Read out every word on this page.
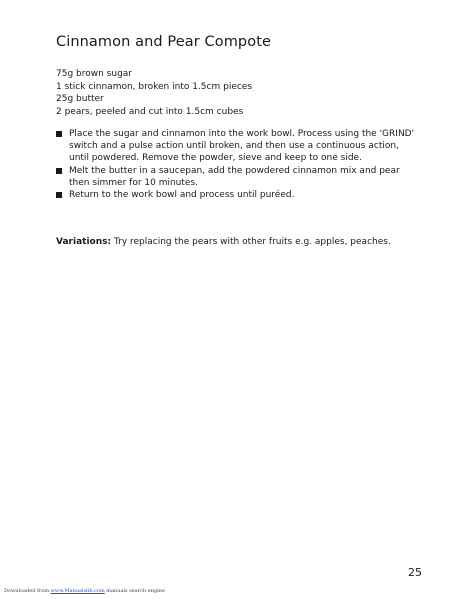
Cinnamon and Pear Compote
75g brown sugar
1 stick cinnamon, broken into 1.5cm pieces
25g butter
2 pears, peeled and cut into 1.5cm cubes
Place the sugar and cinnamon into the work bowl. Process using the 'GRIND' switch and a pulse action until broken, and then use a continuous action, until powdered. Remove the powder, sieve and keep to one side.
Melt the butter in a saucepan, add the powdered cinnamon mix and pear then simmer for 10 minutes.
Return to the work bowl and process until puréed.

Variations: Try replacing the pears with other fruits e.g. apples, peaches.

25
Downloaded from www.Manualslib.com manuals search engine
